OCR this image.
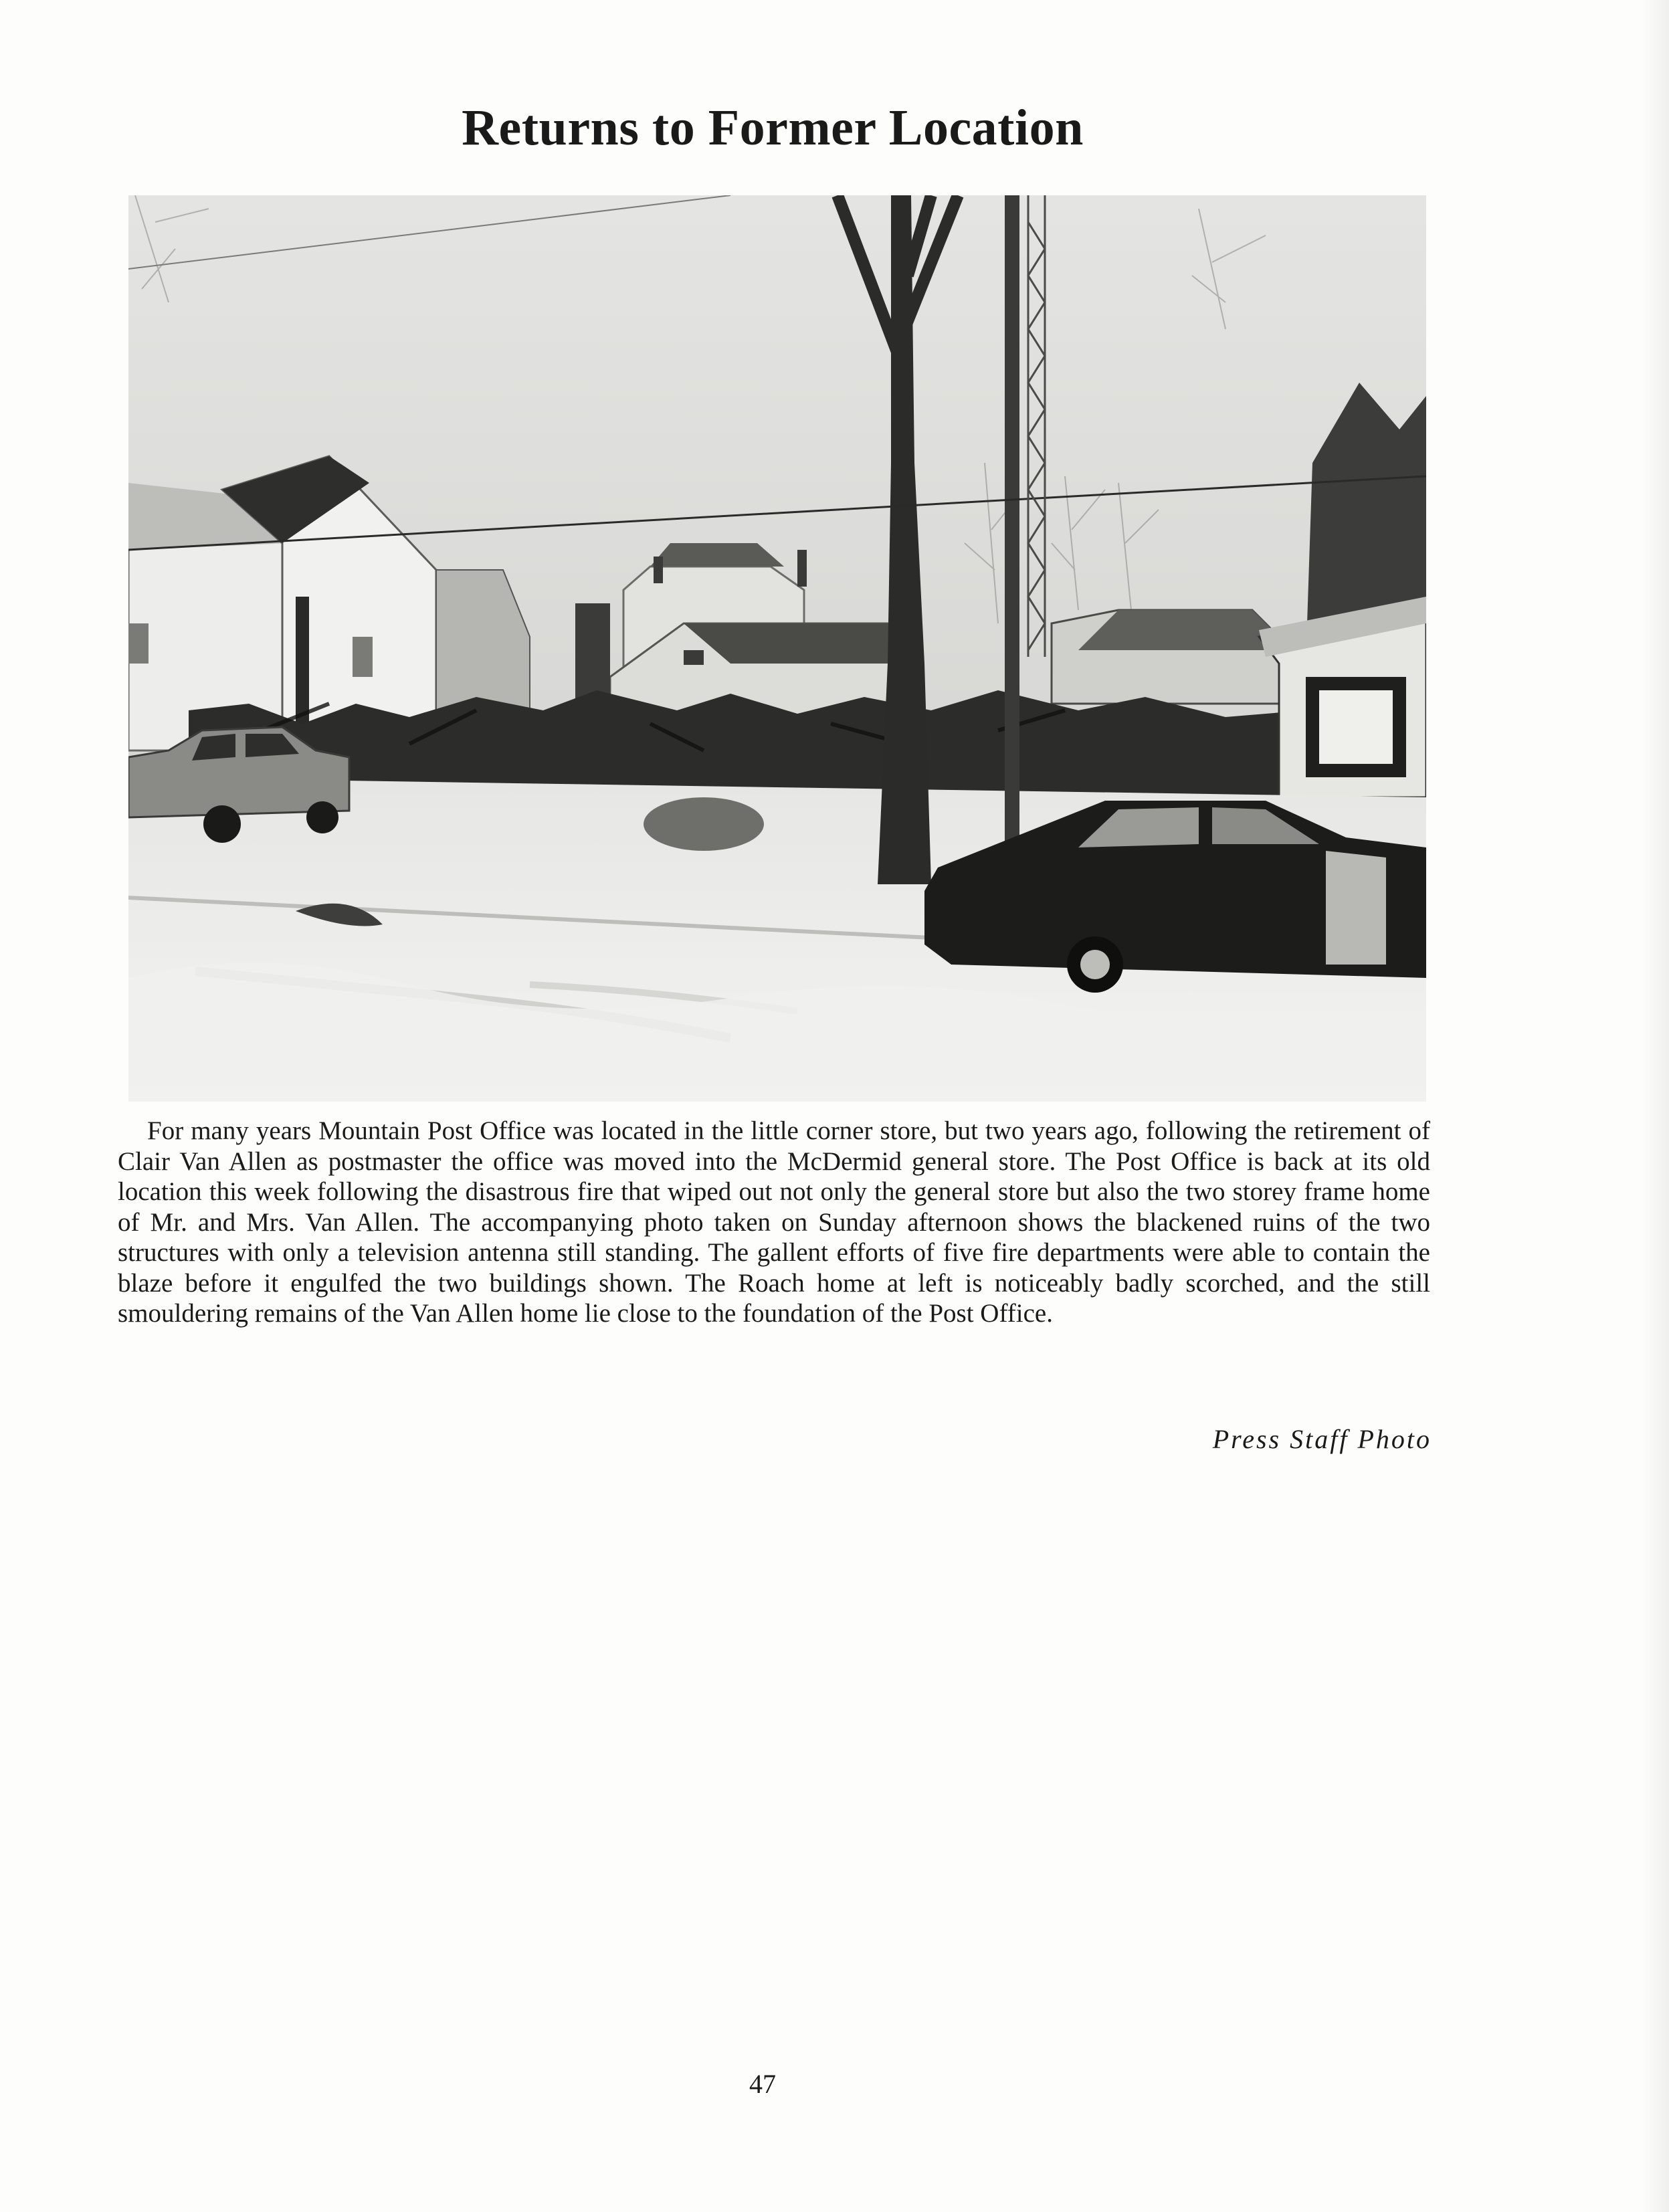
Returns to Former Location

For many years Mountain Post Office was located in the little corner store, but two years ago, following the retirement of Clair Van Allen as postmaster the office was moved into the McDermid general store. The Post Office is back at its old location this week following the disastrous fire that wiped out not only the general store but also the two storey frame home of Mr. and Mrs. Van Allen. The accompanying photo taken on Sunday afternoon shows the blackened ruins of the two structures with only a television antenna still standing. The gallent efforts of five fire departments were able to contain the blaze before it engulfed the two buildings shown. The Roach home at left is noticeably badly scorched, and the still smouldering remains of the Van Allen home lie close to the foundation of the Post Office.

Press Staff Photo
47
